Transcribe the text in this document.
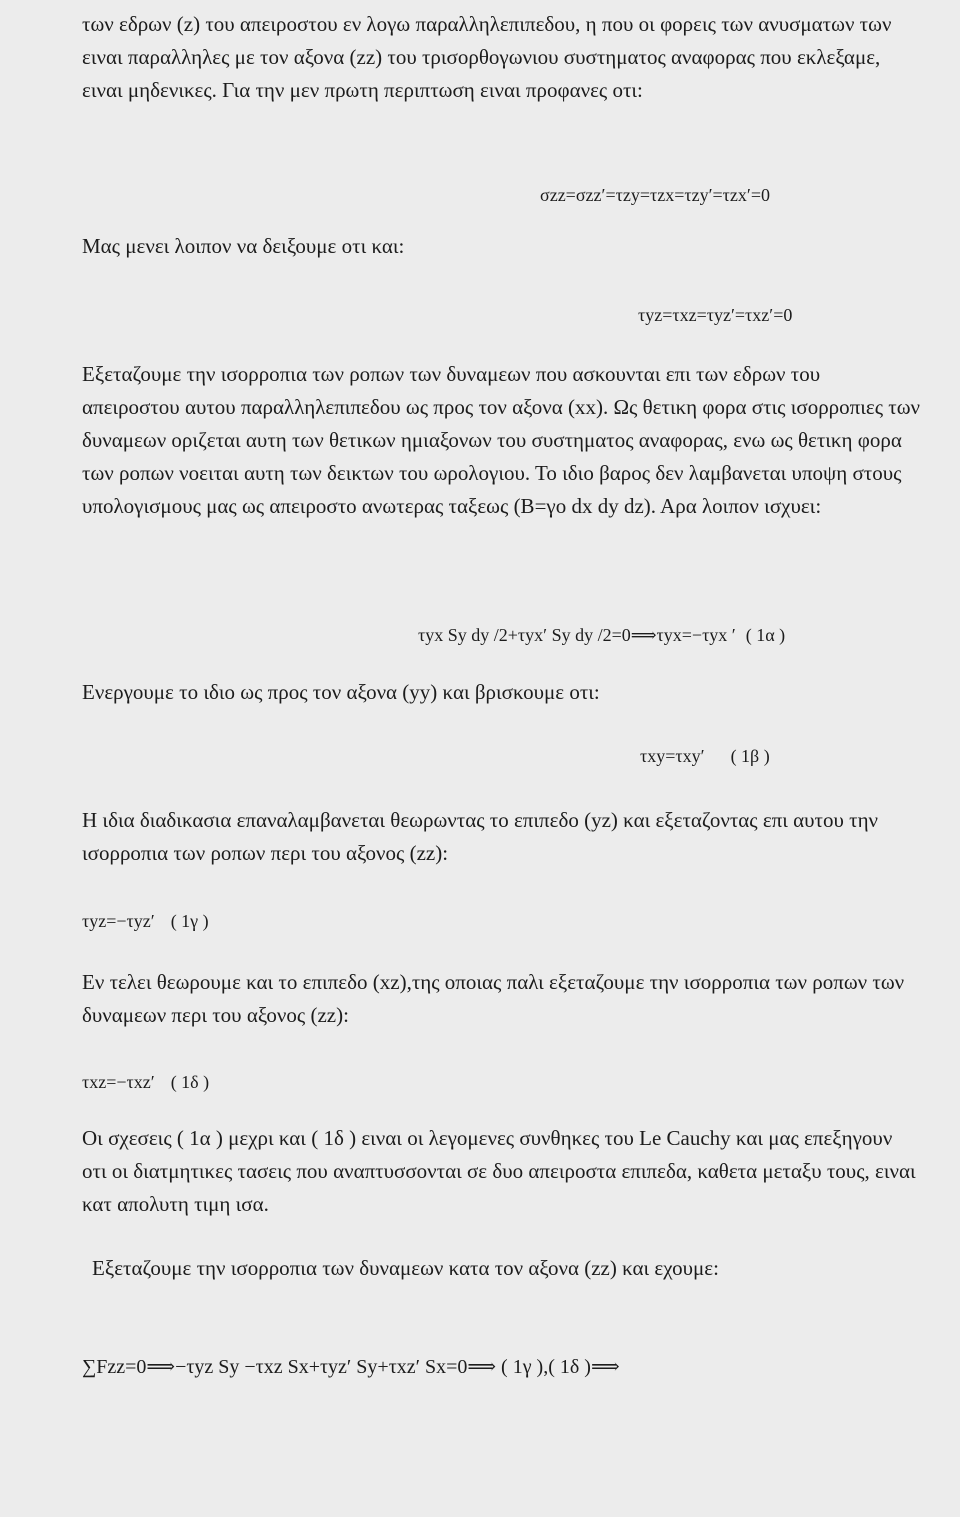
των εδρων (z) του απειροστου εν λογω παραλληλεπιπεδου, η που οι φορεις των ανυσματων των ειναι παραλληλες με τον αξονα (zz) του τρισορθογωνιου συστηματος αναφορας που εκλεξαμε, ειναι μηδενικες. Για την μεν πρωτη περιπτωση ειναι προφανες οτι:

σzz=σzz′=τzy=τzx=τzy′=τzx′=0

Μας μενει λοιπον να δειξουμε οτι και:

τyz=τxz=τyz′=τxz′=0

Εξεταζουμε την ισορροπια των ροπων των δυναμεων που ασκουνται επι των εδρων του απειροστου αυτου παραλληλεπιπεδου ως προς τον αξονα (xx). Ως θετικη φορα στις ισορροπιες των δυναμεων οριζεται αυτη των θετικων ημιαξονων του συστηματος αναφορας, ενω ως θετικη φορα των ροπων νοειται αυτη των δεικτων του ωρολογιου. Το ιδιο βαρος δεν λαμβανεται υποψη στους υπολογισμους μας ως απειροστο ανωτερας ταξεως (Β=γο dx dy dz). Αρα λοιπον ισχυει:

τyx Sy dy /2+τyx′ Sy dy /2=0⟹τyx=−τyx ′ ( 1α )

Ενεργουμε το ιδιο ως προς τον αξονα (yy) και βρισκουμε οτι:

τxy=τxy′ ( 1β )

Η ιδια διαδικασια επαναλαμβανεται θεωρωντας το επιπεδο (yz) και εξεταζοντας επι αυτου την ισορροπια των ροπων περι του αξονος (zz):

τyz=−τyz′ ( 1γ )

Εν τελει θεωρουμε και το επιπεδο (xz),της οποιας παλι εξεταζουμε την ισορροπια των ροπων των δυναμεων περι του αξονος (zz):

τxz=−τxz′ ( 1δ )

Οι σχεσεις ( 1α ) μεχρι και ( 1δ ) ειναι οι λεγομενες συνθηκες του Le Cauchy και μας επεξηγουν οτι οι διατμητικες τασεις που αναπτυσσονται σε δυο απειροστα επιπεδα, καθετα μεταξυ τους, ειναι κατ απολυτη τιμη ισα.

Εξεταζουμε την ισορροπια των δυναμεων κατα τον αξονα (zz) και εχουμε:

∑Fzz=0⟹−τyz Sy −τxz Sx+τyz′ Sy+τxz′ Sx=0⟹ ( 1γ ),( 1δ )⟹
